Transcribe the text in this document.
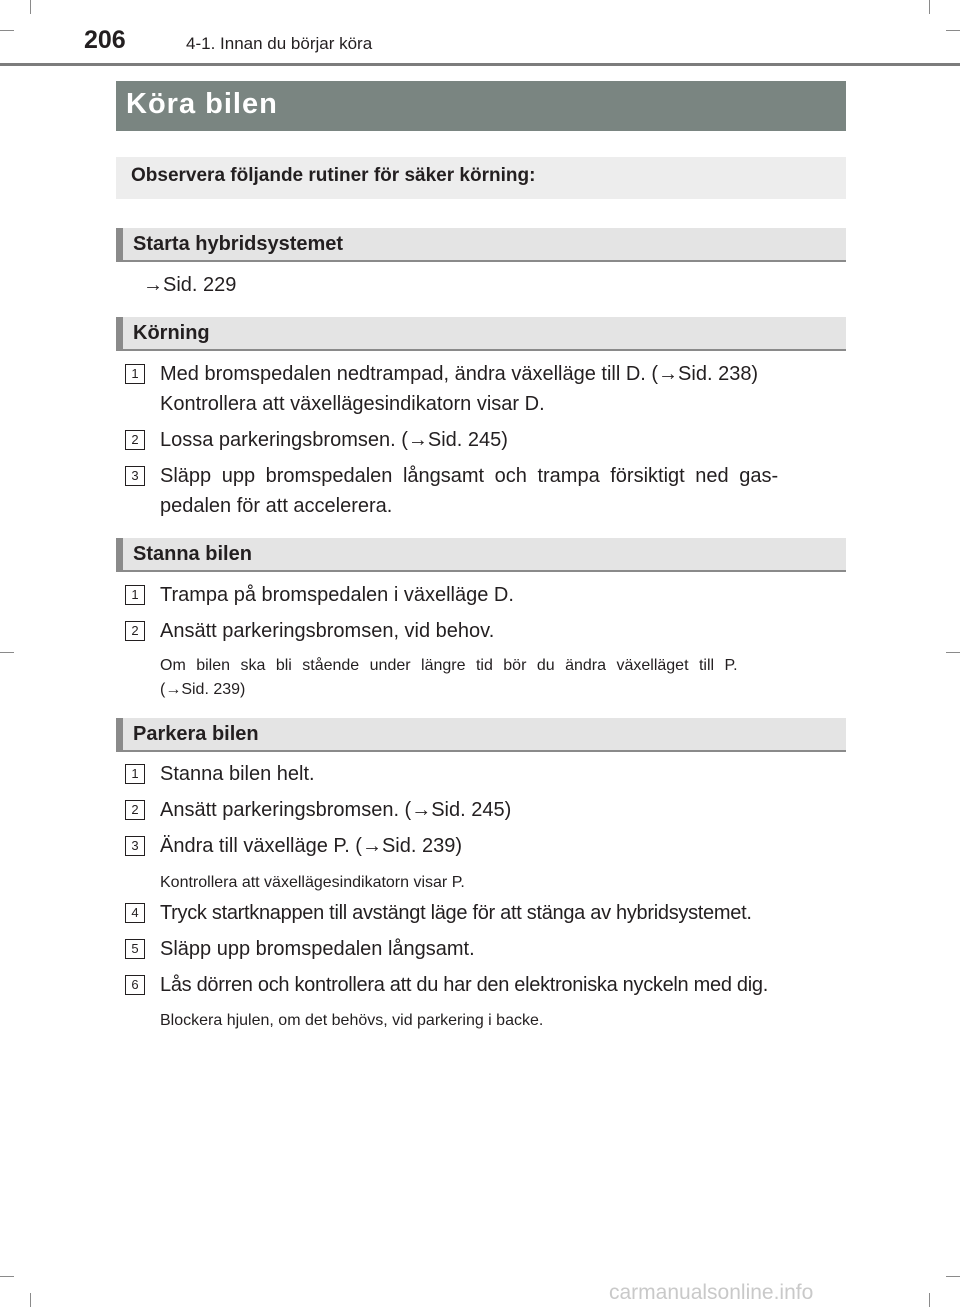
206	4-1. Innan du börjar köra
Köra bilen
Observera följande rutiner för säker körning:
Starta hybridsystemet
→Sid. 229
Körning
1	Med bromspedalen nedtrampad, ändra växelläge till D. (→Sid. 238)
Kontrollera att växellägesindikatorn visar D.
2	Lossa parkeringsbromsen. (→Sid. 245)
3	Släpp upp bromspedalen långsamt och trampa försiktigt ned gas-
pedalen för att accelerera.
Stanna bilen
1	Trampa på bromspedalen i växelläge D.
2	Ansätt parkeringsbromsen, vid behov.
Om bilen ska bli stående under längre tid bör du ändra växelläget till P.
(→Sid. 239)
Parkera bilen
1	Stanna bilen helt.
2	Ansätt parkeringsbromsen. (→Sid. 245)
3	Ändra till växelläge P. (→Sid. 239)
Kontrollera att växellägesindikatorn visar P.
4	Tryck startknappen till avstängt läge för att stänga av hybridsystemet.
5	Släpp upp bromspedalen långsamt.
6	Lås dörren och kontrollera att du har den elektroniska nyckeln med dig.
Blockera hjulen, om det behövs, vid parkering i backe.
carmanualsonline.info
